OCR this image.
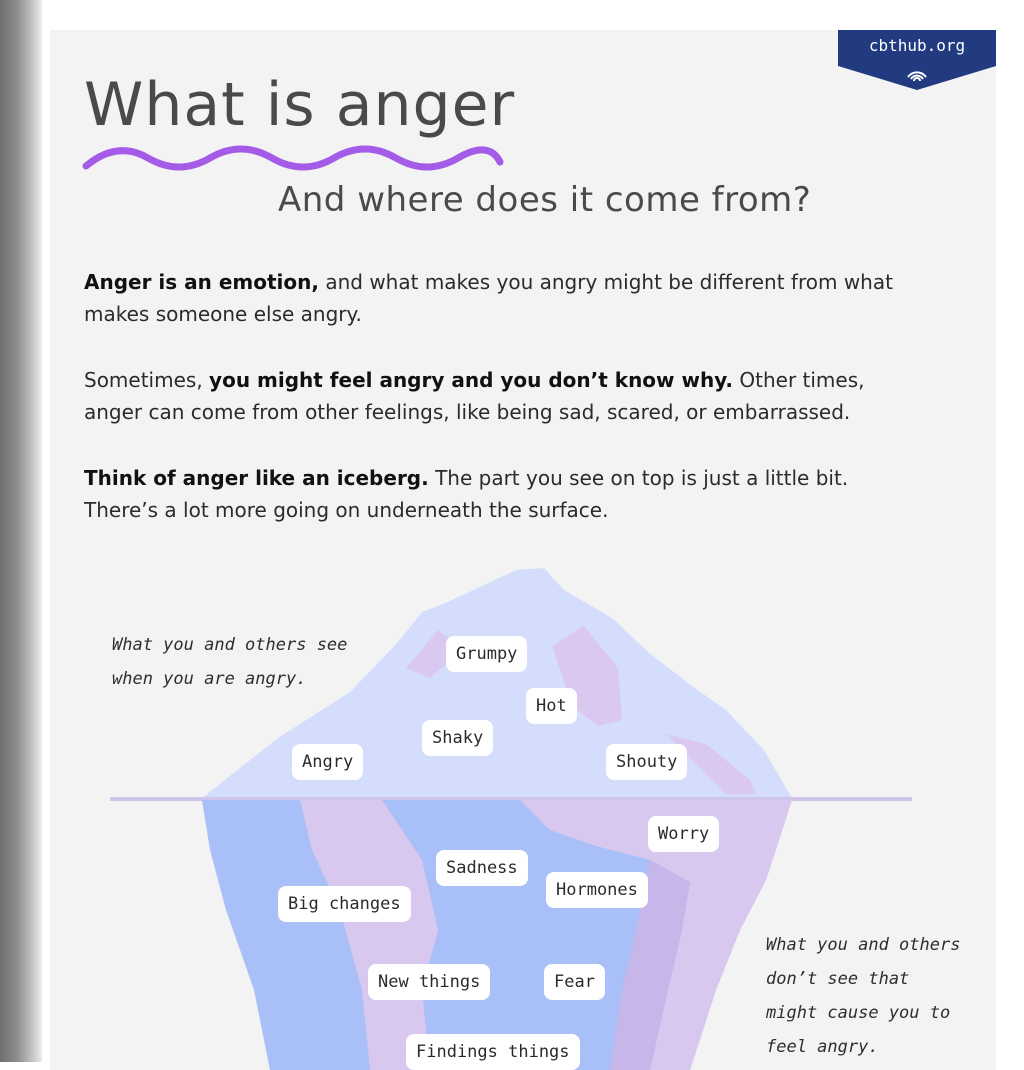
cbthub.org
What is anger
And where does it come from?
Anger is an emotion, and what makes you angry might be different from what makes someone else angry.
Sometimes, you might feel angry and you don’t know why. Other times, anger can come from other feelings, like being sad, scared, or embarrassed.
Think of anger like an iceberg. The part you see on top is just a little bit. There’s a lot more going on underneath the surface.
What you and others see when you are angry.
What you and others don’t see that might cause you to feel angry.
Grumpy
Hot
Shaky
Angry	Shouty
Worry
Sadness
Hormones
Big changes
New things	Fear
Findings things
